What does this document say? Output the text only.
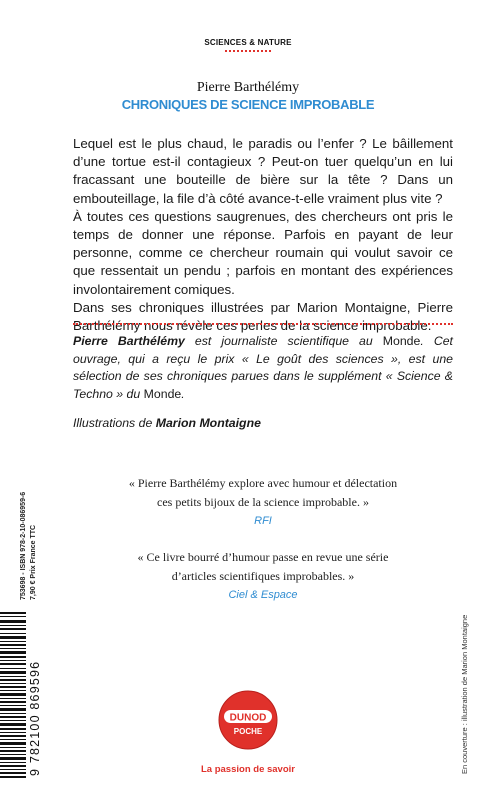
SCIENCES & NATURE
Pierre Barthélémy
CHRONIQUES DE SCIENCE IMPROBABLE

Lequel est le plus chaud, le paradis ou l’enfer ? Le bâillement d’une tortue est-il contagieux ? Peut-on tuer quelqu’un en lui fracassant une bouteille de bière sur la tête ? Dans un embouteillage, la file d’à côté avance-t-elle vraiment plus vite ?

À toutes ces questions saugrenues, des chercheurs ont pris le temps de donner une réponse. Parfois en payant de leur personne, comme ce chercheur roumain qui voulut savoir ce que ressentait un pendu ; parfois en montant des expériences involontairement comiques.

Dans ses chroniques illustrées par Marion Montaigne, Pierre Barthélémy nous révèle ces perles de la science improbable.

Pierre Barthélémy est journaliste scientifique au Monde. Cet ouvrage, qui a reçu le prix « Le goût des sciences », est une sélection de ses chroniques parues dans le supplément « Science & Techno » du Monde.
Illustrations de Marion Montaigne
« Pierre Barthélémy explore avec humour et délectation
ces petits bijoux de la science improbable. »
RFI
« Ce livre bourré d’humour passe en revue une série
d’articles scientifiques improbables. »
Ciel & Espace
753698 - ISBN 978-2-10-086959-6 7,90 € Prix France TTC
9 782100 869596	En couverture : illustration de Marion Montaigne
DUNOD
POCHE
La passion de savoir
